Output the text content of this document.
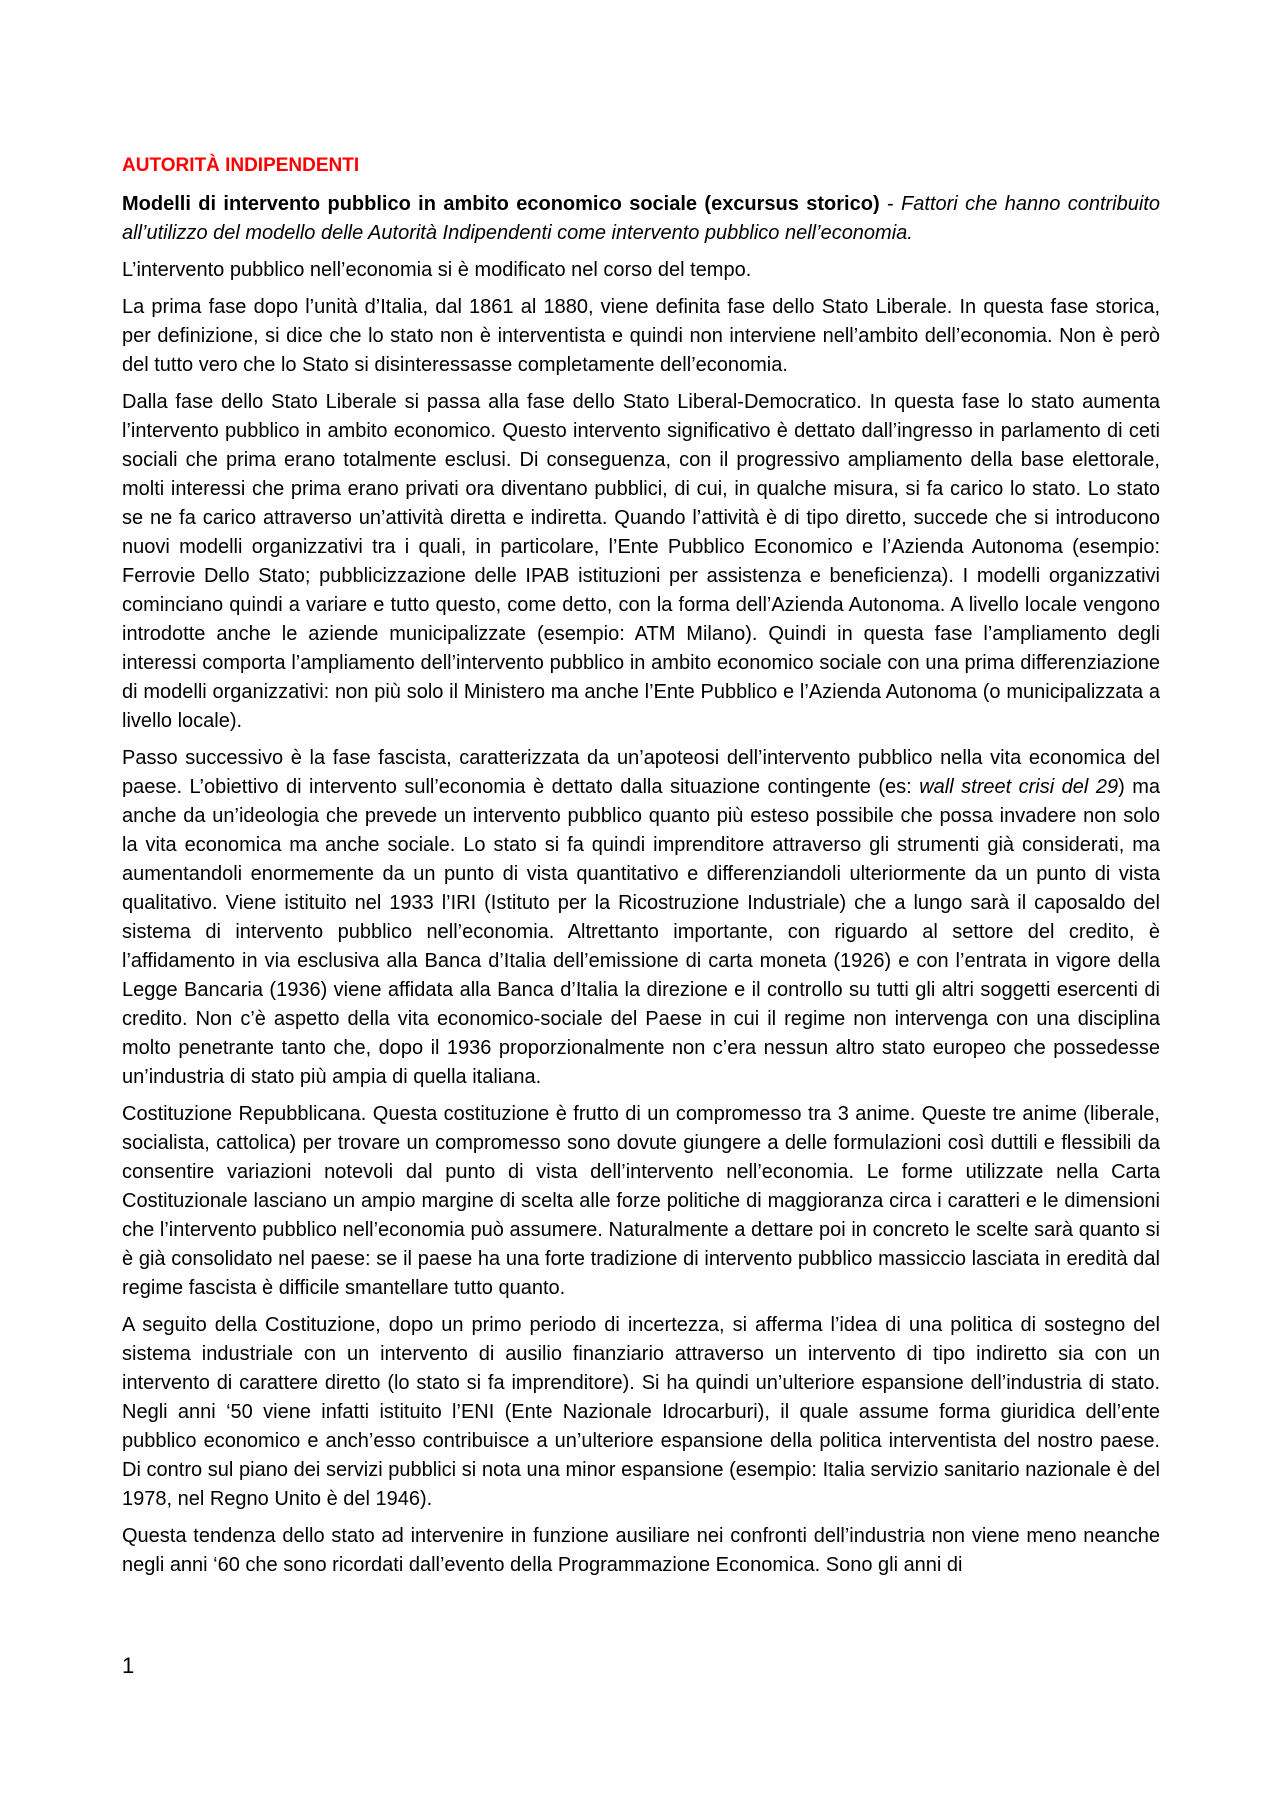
AUTORITÀ INDIPENDENTI

Modelli di intervento pubblico in ambito economico sociale (excursus storico) - Fattori che hanno contribuito all’utilizzo del modello delle Autorità Indipendenti come intervento pubblico nell’economia.

L’intervento pubblico nell’economia si è modificato nel corso del tempo.

La prima fase dopo l’unità d’Italia, dal 1861 al 1880, viene definita fase dello Stato Liberale. In questa fase storica, per definizione, si dice che lo stato non è interventista e quindi non interviene nell’ambito dell’economia. Non è però del tutto vero che lo Stato si disinteressasse completamente dell’economia.

Dalla fase dello Stato Liberale si passa alla fase dello Stato Liberal-Democratico. In questa fase lo stato aumenta l’intervento pubblico in ambito economico. Questo intervento significativo è dettato dall’ingresso in parlamento di ceti sociali che prima erano totalmente esclusi. Di conseguenza, con il progressivo ampliamento della base elettorale, molti interessi che prima erano privati ora diventano pubblici, di cui, in qualche misura, si fa carico lo stato. Lo stato se ne fa carico attraverso un’attività diretta e indiretta. Quando l’attività è di tipo diretto, succede che si introducono nuovi modelli organizzativi tra i quali, in particolare, l’Ente Pubblico Economico e l’Azienda Autonoma (esempio: Ferrovie Dello Stato; pubblicizzazione delle IPAB istituzioni per assistenza e beneficienza). I modelli organizzativi cominciano quindi a variare e tutto questo, come detto, con la forma dell’Azienda Autonoma. A livello locale vengono introdotte anche le aziende municipalizzate (esempio: ATM Milano). Quindi in questa fase l’ampliamento degli interessi comporta l’ampliamento dell’intervento pubblico in ambito economico sociale con una prima differenziazione di modelli organizzativi: non più solo il Ministero ma anche l’Ente Pubblico e l’Azienda Autonoma (o municipalizzata a livello locale).

Passo successivo è la fase fascista, caratterizzata da un’apoteosi dell’intervento pubblico nella vita economica del paese. L’obiettivo di intervento sull’economia è dettato dalla situazione contingente (es: wall street crisi del 29) ma anche da un’ideologia che prevede un intervento pubblico quanto più esteso possibile che possa invadere non solo la vita economica ma anche sociale. Lo stato si fa quindi imprenditore attraverso gli strumenti già considerati, ma aumentandoli enormemente da un punto di vista quantitativo e differenziandoli ulteriormente da un punto di vista qualitativo. Viene istituito nel 1933 l’IRI (Istituto per la Ricostruzione Industriale) che a lungo sarà il caposaldo del sistema di intervento pubblico nell’economia. Altrettanto importante, con riguardo al settore del credito, è l’affidamento in via esclusiva alla Banca d’Italia dell’emissione di carta moneta (1926) e con l’entrata in vigore della Legge Bancaria (1936) viene affidata alla Banca d’Italia la direzione e il controllo su tutti gli altri soggetti esercenti di credito. Non c’è aspetto della vita economico-sociale del Paese in cui il regime non intervenga con una disciplina molto penetrante tanto che, dopo il 1936 proporzionalmente non c’era nessun altro stato europeo che possedesse un’industria di stato più ampia di quella italiana.

Costituzione Repubblicana. Questa costituzione è frutto di un compromesso tra 3 anime. Queste tre anime (liberale, socialista, cattolica) per trovare un compromesso sono dovute giungere a delle formulazioni così duttili e flessibili da consentire variazioni notevoli dal punto di vista dell’intervento nell’economia. Le forme utilizzate nella Carta Costituzionale lasciano un ampio margine di scelta alle forze politiche di maggioranza circa i caratteri e le dimensioni che l’intervento pubblico nell’economia può assumere. Naturalmente a dettare poi in concreto le scelte sarà quanto si è già consolidato nel paese: se il paese ha una forte tradizione di intervento pubblico massiccio lasciata in eredità dal regime fascista è difficile smantellare tutto quanto.

A seguito della Costituzione, dopo un primo periodo di incertezza, si afferma l’idea di una politica di sostegno del sistema industriale con un intervento di ausilio finanziario attraverso un intervento di tipo indiretto sia con un intervento di carattere diretto (lo stato si fa imprenditore). Si ha quindi un’ulteriore espansione dell’industria di stato. Negli anni ‘50 viene infatti istituito l’ENI (Ente Nazionale Idrocarburi), il quale assume forma giuridica dell’ente pubblico economico e anch’esso contribuisce a un’ulteriore espansione della politica interventista del nostro paese. Di contro sul piano dei servizi pubblici si nota una minor espansione (esempio: Italia servizio sanitario nazionale è del 1978, nel Regno Unito è del 1946).

Questa tendenza dello stato ad intervenire in funzione ausiliare nei confronti dell’industria non viene meno neanche negli anni ‘60 che sono ricordati dall’evento della Programmazione Economica. Sono gli anni di

1
